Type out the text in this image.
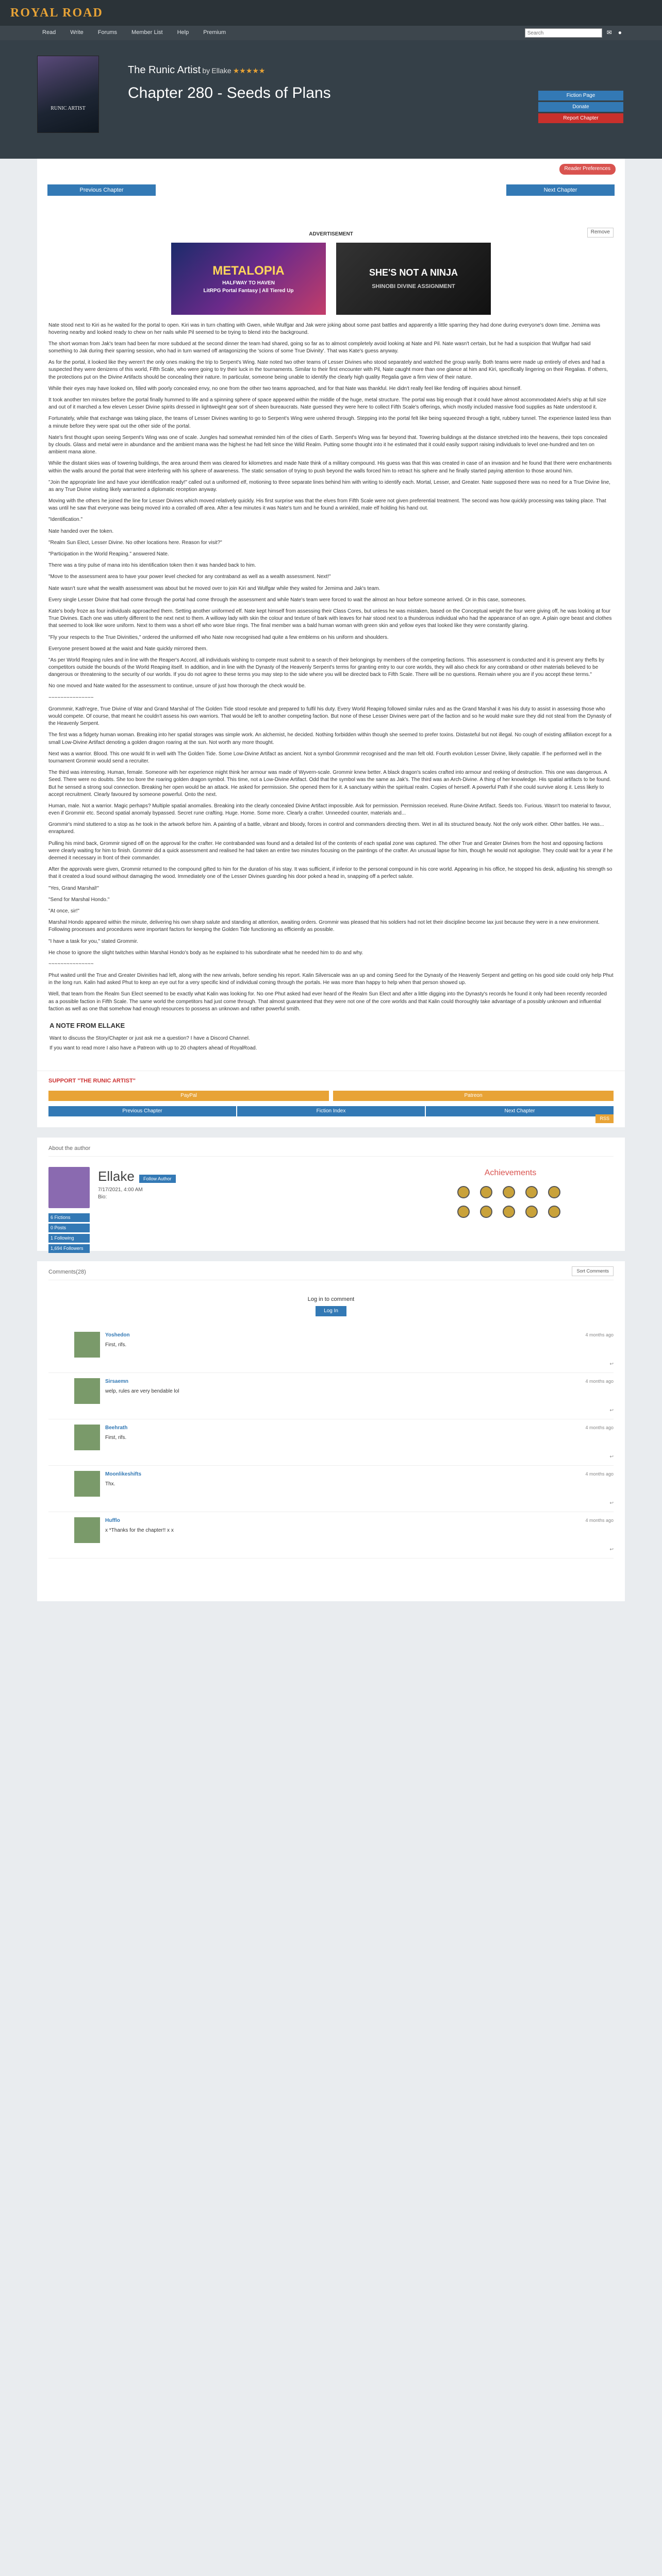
ROYAL ROAD
Read	Write	Forums	Member List	Help	Premium
Search	✉ ●
RUNIC ARTIST
The Runic Artist by Ellake ★★★★★
Chapter 280 - Seeds of Plans	Fiction Page
Donate
Report Chapter
Reader Preferences
Previous Chapter	Next Chapter
Remove
ADVERTISEMENT
METALOPIA
HALFWAY TO HAVEN
LitRPG Portal Fantasy | All Tiered Up
SHE'S NOT A NINJA
SHINOBI DIVINE ASSIGNMENT

Nate stood next to Kiri as he waited for the portal to open. Kiri was in turn chatting with Gwen, while Wulfgar and Jak were joking about some past battles and apparently a little sparring they had done during everyone's down time. Jemima was hovering nearby and looked ready to chew on her nails while Pil seemed to be trying to blend into the background.

The short woman from Jak's team had been far more subdued at the second dinner the team had shared, going so far as to almost completely avoid looking at Nate and Pil. Nate wasn't certain, but he had a suspicion that Wulfgar had said something to Jak during their sparring session, who had in turn warned off antagonizing the 'scions of some True Divinity'. That was Kate's guess anyway.

As for the portal, it looked like they weren't the only ones making the trip to Serpent's Wing. Nate noted two other teams of Lesser Divines who stood separately and watched the group warily. Both teams were made up entirely of elves and had a suspected they were denizens of this world, Fifth Scale, who were going to try their luck in the tournaments. Similar to their first encounter with Pil, Nate caught more than one glance at him and Kiri, specifically lingering on their Regalias. If others, the protections put on the Divine Artifacts should be concealing their nature. In particular, someone being unable to identify the clearly high quality Regalia gave a firm view of their nature.

While their eyes may have looked on, filled with poorly concealed envy, no one from the other two teams approached, and for that Nate was thankful. He didn't really feel like fending off inquiries about himself.

It took another ten minutes before the portal finally hummed to life and a spinning sphere of space appeared within the middle of the huge, metal structure. The portal was big enough that it could have almost accommodated Ariel's ship at full size and out of it marched a few eleven Lesser Divine spirits dressed in lightweight gear sort of sheen bureaucrats. Nate guessed they were here to collect Fifth Scale's offerings, which mostly included massive food supplies as Nate understood it.

Fortunately, while that exchange was taking place, the teams of Lesser Divines wanting to go to Serpent's Wing were ushered through. Stepping into the portal felt like being squeezed through a tight, rubbery tunnel. The experience lasted less than a minute before they were spat out the other side of the portal.

Nate's first thought upon seeing Serpent's Wing was one of scale. Jungles had somewhat reminded him of the cities of Earth. Serpent's Wing was far beyond that. Towering buildings at the distance stretched into the heavens, their tops concealed by clouds. Glass and metal were in abundance and the ambient mana was the highest he had felt since the Wild Realm. Putting some thought into it he estimated that it could easily support raising individuals to level one-hundred and ten on ambient mana alone.

While the distant skies was of towering buildings, the area around them was cleared for kilometres and made Nate think of a military compound. His guess was that this was created in case of an invasion and he found that there were enchantments within the walls around the portal that were interfering with his sphere of awareness. The static sensation of trying to push beyond the walls forced him to retract his sphere and he finally started paying attention to those around him.

"Join the appropriate line and have your identification ready!" called out a uniformed elf, motioning to three separate lines behind him with writing to identify each. Mortal, Lesser, and Greater. Nate supposed there was no need for a True Divine line, as any True Divine visiting likely warranted a diplomatic reception anyway.

Moving with the others he joined the line for Lesser Divines which moved relatively quickly. His first surprise was that the elves from Fifth Scale were not given preferential treatment. The second was how quickly processing was taking place. That was until he saw that everyone was being moved into a corralled off area. After a few minutes it was Nate's turn and he found a wrinkled, male elf holding his hand out.

"Identification."

Nate handed over the token.

"Realm Sun Elect, Lesser Divine. No other locations here. Reason for visit?"

"Participation in the World Reaping." answered Nate.

There was a tiny pulse of mana into his identification token then it was handed back to him.

"Move to the assessment area to have your power level checked for any contraband as well as a wealth assessment. Next!"

Nate wasn't sure what the wealth assessment was about but he moved over to join Kiri and Wulfgar while they waited for Jemima and Jak's team.

Every single Lesser Divine that had come through the portal had come through the assessment and while Nate's team were forced to wait the almost an hour before someone arrived. Or in this case, someones.

Kate's body froze as four individuals approached them. Setting another uniformed elf. Nate kept himself from assessing their Class Cores, but unless he was mistaken, based on the Conceptual weight the four were giving off, he was looking at four True Divines. Each one was utterly different to the next next to them. A willowy lady with skin the colour and texture of bark with leaves for hair stood next to a thunderous individual who had the appearance of an ogre. A plain ogre beast and clothes that seemed to look like wore uniform. Next to them was a short elf who wore blue rings. The final member was a bald human woman with green skin and yellow eyes that looked like they were constantly glaring.

"Fly your respects to the True Divinities," ordered the uniformed elf who Nate now recognised had quite a few emblems on his uniform and shoulders.

Everyone present bowed at the waist and Nate quickly mirrored them.

"As per World Reaping rules and in line with the Reaper's Accord, all individuals wishing to compete must submit to a search of their belongings by members of the competing factions. This assessment is conducted and it is prevent any thefts by competitors outside the bounds of the World Reaping itself. In addition, and in line with the Dynasty of the Heavenly Serpent's terms for granting entry to our core worlds, they will also check for any contraband or other materials believed to be dangerous or threatening to the security of our worlds. If you do not agree to these terms you may step to the side where you will be directed back to Fifth Scale. There will be no questions. Remain where you are if you accept these terms."

No one moved and Nate waited for the assessment to continue, unsure of just how thorough the check would be.

~~~~~~~~~~~~~~~

Grommmir, Kath'egre, True Divine of War and Grand Marshal of The Golden Tide stood resolute and prepared to fulfil his duty. Every World Reaping followed similar rules and as the Grand Marshal it was his duty to assist in assessing those who would compete. Of course, that meant he couldn't assess his own warriors. That would be left to another competing faction. But none of these Lesser Divines were part of the faction and so he would make sure they did not steal from the Dynasty of the Heavenly Serpent.

The first was a fidgety human woman. Breaking into her spatial storages was simple work. An alchemist, he decided. Nothing forbidden within though she seemed to prefer toxins. Distasteful but not illegal. No cough of existing affiliation except for a small Low-Divine Artifact denoting a golden dragon roaring at the sun. Not worth any more thought.

Next was a warrior. Blood. This one would fit in well with The Golden Tide. Some Low-Divine Artifact as ancient. Not a symbol Grommmir recognised and the man felt old. Fourth evolution Lesser Divine, likely capable. If he performed well in the tournament Grommir would send a recruiter.

The third was interesting. Human, female. Someone with her experience might think her armour was made of Wyvern-scale. Grommir knew better. A black dragon's scales crafted into armour and reeking of destruction. This one was dangerous. A Seed. There were no doubts. She too bore the roaring golden dragon symbol. This time, not a Low-Divine Artifact. Odd that the symbol was the same as Jak's. The third was an Arch-Divine. A thing of her knowledge. His spatial artifacts to be found. But he sensed a strong soul connection. Breaking her open would be an attack. He asked for permission. She opened them for it. A sanctuary within the spiritual realm. Copies of herself. A powerful Path if she could survive along it. Less likely to accept recruitment. Clearly favoured by someone powerful. Onto the next.

Human, male. Not a warrior. Magic perhaps? Multiple spatial anomalies. Breaking into the clearly concealed Divine Artifact impossible. Ask for permission. Permission received. Rune-Divine Artifact. Seeds too. Furious. Wasn't too material to favour, even if Grommir etc. Second spatial anomaly bypassed. Secret rune crafting. Huge. Home. Some more. Clearly a crafter. Unneeded counter, materials and...

Grommir's mind stuttered to a stop as he took in the artwork before him. A painting of a battle, vibrant and bloody, forces in control and commanders directing them. Wet in all its structured beauty. Not the only work either. Other battles. He was... enraptured.

Pulling his mind back, Grommir signed off on the approval for the crafter. He contrabanded was found and a detailed list of the contents of each spatial zone was captured. The other True and Greater Divines from the host and opposing factions were clearly waiting for him to finish. Grommir did a quick assessment and realised he had taken an entire two minutes focusing on the paintings of the crafter. An unusual lapse for him, though he would not apologise. They could wait for a year if he deemed it necessary in front of their commander.

After the approvals were given, Grommir returned to the compound gifted to him for the duration of his stay. It was sufficient, if inferior to the personal compound in his core world. Appearing in his office, he stopped his desk, adjusting his strength so that it created a loud sound without damaging the wood. Immediately one of the Lesser Divines guarding his door poked a head in, snapping off a perfect salute.

"Yes, Grand Marshal!"

"Send for Marshal Hondo."

"At once, sir!"

Marshal Hondo appeared within the minute, delivering his own sharp salute and standing at attention, awaiting orders. Grommir was pleased that his soldiers had not let their discipline become lax just because they were in a new environment. Following processes and procedures were important factors for keeping the Golden Tide functioning as efficiently as possible.

"I have a task for you," stated Grommir.

He chose to ignore the slight twitches within Marshal Hondo's body as he explained to his subordinate what he needed him to do and why.

~~~~~~~~~~~~~~~

Phut waited until the True and Greater Divinities had left, along with the new arrivals, before sending his report. Kalin Silverscale was an up and coming Seed for the Dynasty of the Heavenly Serpent and getting on his good side could only help Phut in the long run. Kalin had asked Phut to keep an eye out for a very specific kind of individual coming through the portals. He was more than happy to help when that person showed up.

Well, that team from the Realm Sun Elect seemed to be exactly what Kalin was looking for. No one Phut asked had ever heard of the Realm Sun Elect and after a little digging into the Dynasty's records he found it only had been recently recorded as a possible faction in Fifth Scale. The same world the competitors had just come through. That almost guaranteed that they were not one of the core worlds and that Kalin could thoroughly take advantage of a possibly unknown and influential faction as well as one that somehow had enough resources to possess an unknown and rather powerful smith.

A NOTE FROM ELLAKE

Want to discuss the Story/Chapter or just ask me a question? I have a Discord Channel.

If you want to read more I also have a Patreon with up to 20 chapters ahead of RoyalRoad.

SUPPORT "THE RUNIC ARTIST"
PayPal	Patreon
Previous Chapter	Fiction Index	Next Chapter
RSS
About the author
Ellake Follow Author
7/17/2021, 4:00 AM
Bio:
6 Fictions
0 Posts
1 Following
1,694 Followers
Achievements
Comments(28)	Sort Comments

Log in to comment

Log In
Yoshedon
First, rifs.
4 months ago
↩
Sirsaemn
welp, rules are very bendable lol
4 months ago
↩
Beehrath
First, rifs.
4 months ago
↩
Moonlikeshifts
Thx.
4 months ago
↩
Hufflo
x *Thanks for the chapter!! x x
4 months ago
↩
